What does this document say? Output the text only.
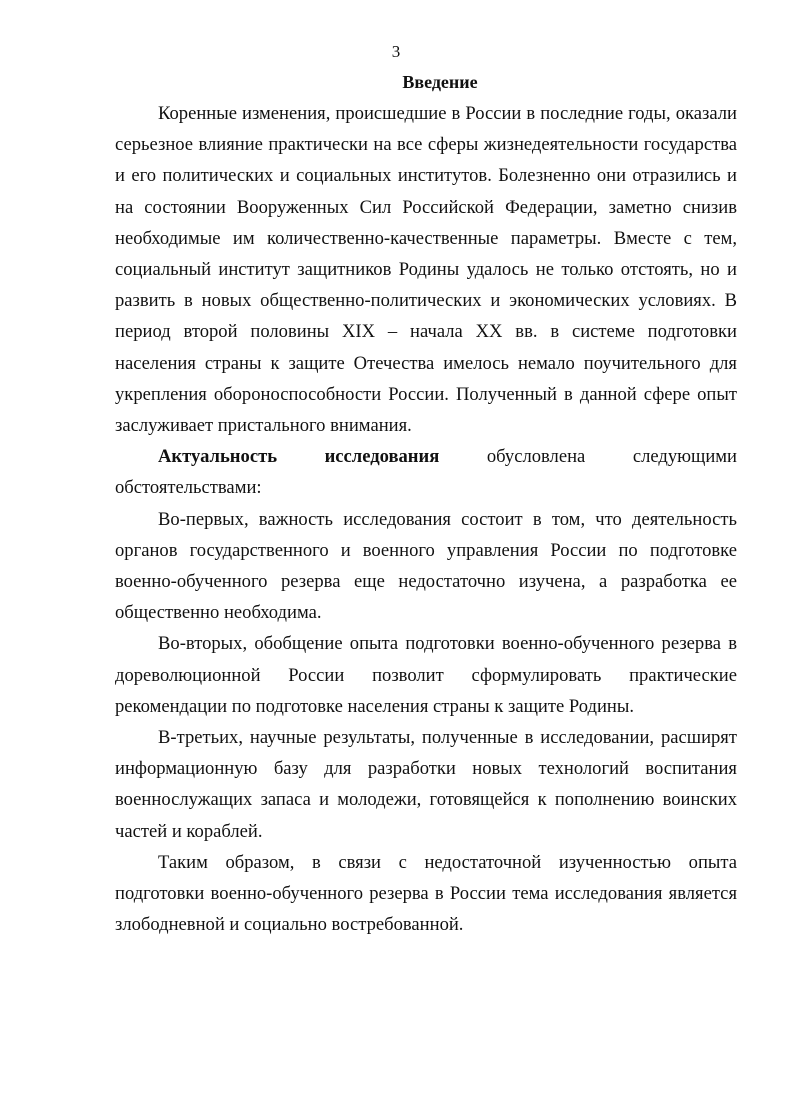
3
Введение

Коренные изменения, происшедшие в России в последние годы, оказали серьезное влияние практически на все сферы жизнедеятельности государства и его политических и социальных институтов. Болезненно они отразились и на состоянии Вооруженных Сил Российской Федерации, заметно снизив необходимые им количественно-качественные параметры. Вместе с тем, социальный институт защитников Родины удалось не только отстоять, но и развить в новых общественно-политических и экономических условиях. В период второй половины XIX – начала XX вв. в системе подготовки населения страны к защите Отечества имелось немало поучительного для укрепления обороноспособности России. Полученный в данной сфере опыт заслуживает пристального внимания.

Актуальность исследования	обусловлена следующими

обстоятельствами:

Во-первых, важность исследования состоит в том, что деятельность органов государственного и военного управления России по подготовке военно-обученного резерва еще недостаточно изучена, а разработка ее общественно необходима.

Во-вторых, обобщение опыта подготовки военно-обученного резерва в дореволюционной России позволит сформулировать практические рекомендации по подготовке населения страны к защите Родины.

В-третьих, научные результаты, полученные в исследовании, расширят информационную базу для разработки новых технологий воспитания военнослужащих запаса и молодежи, готовящейся к пополнению воинских частей и кораблей.

Таким образом, в связи с недостаточной изученностью опыта подготовки военно-обученного резерва в России тема исследования является злободневной и социально востребованной.
